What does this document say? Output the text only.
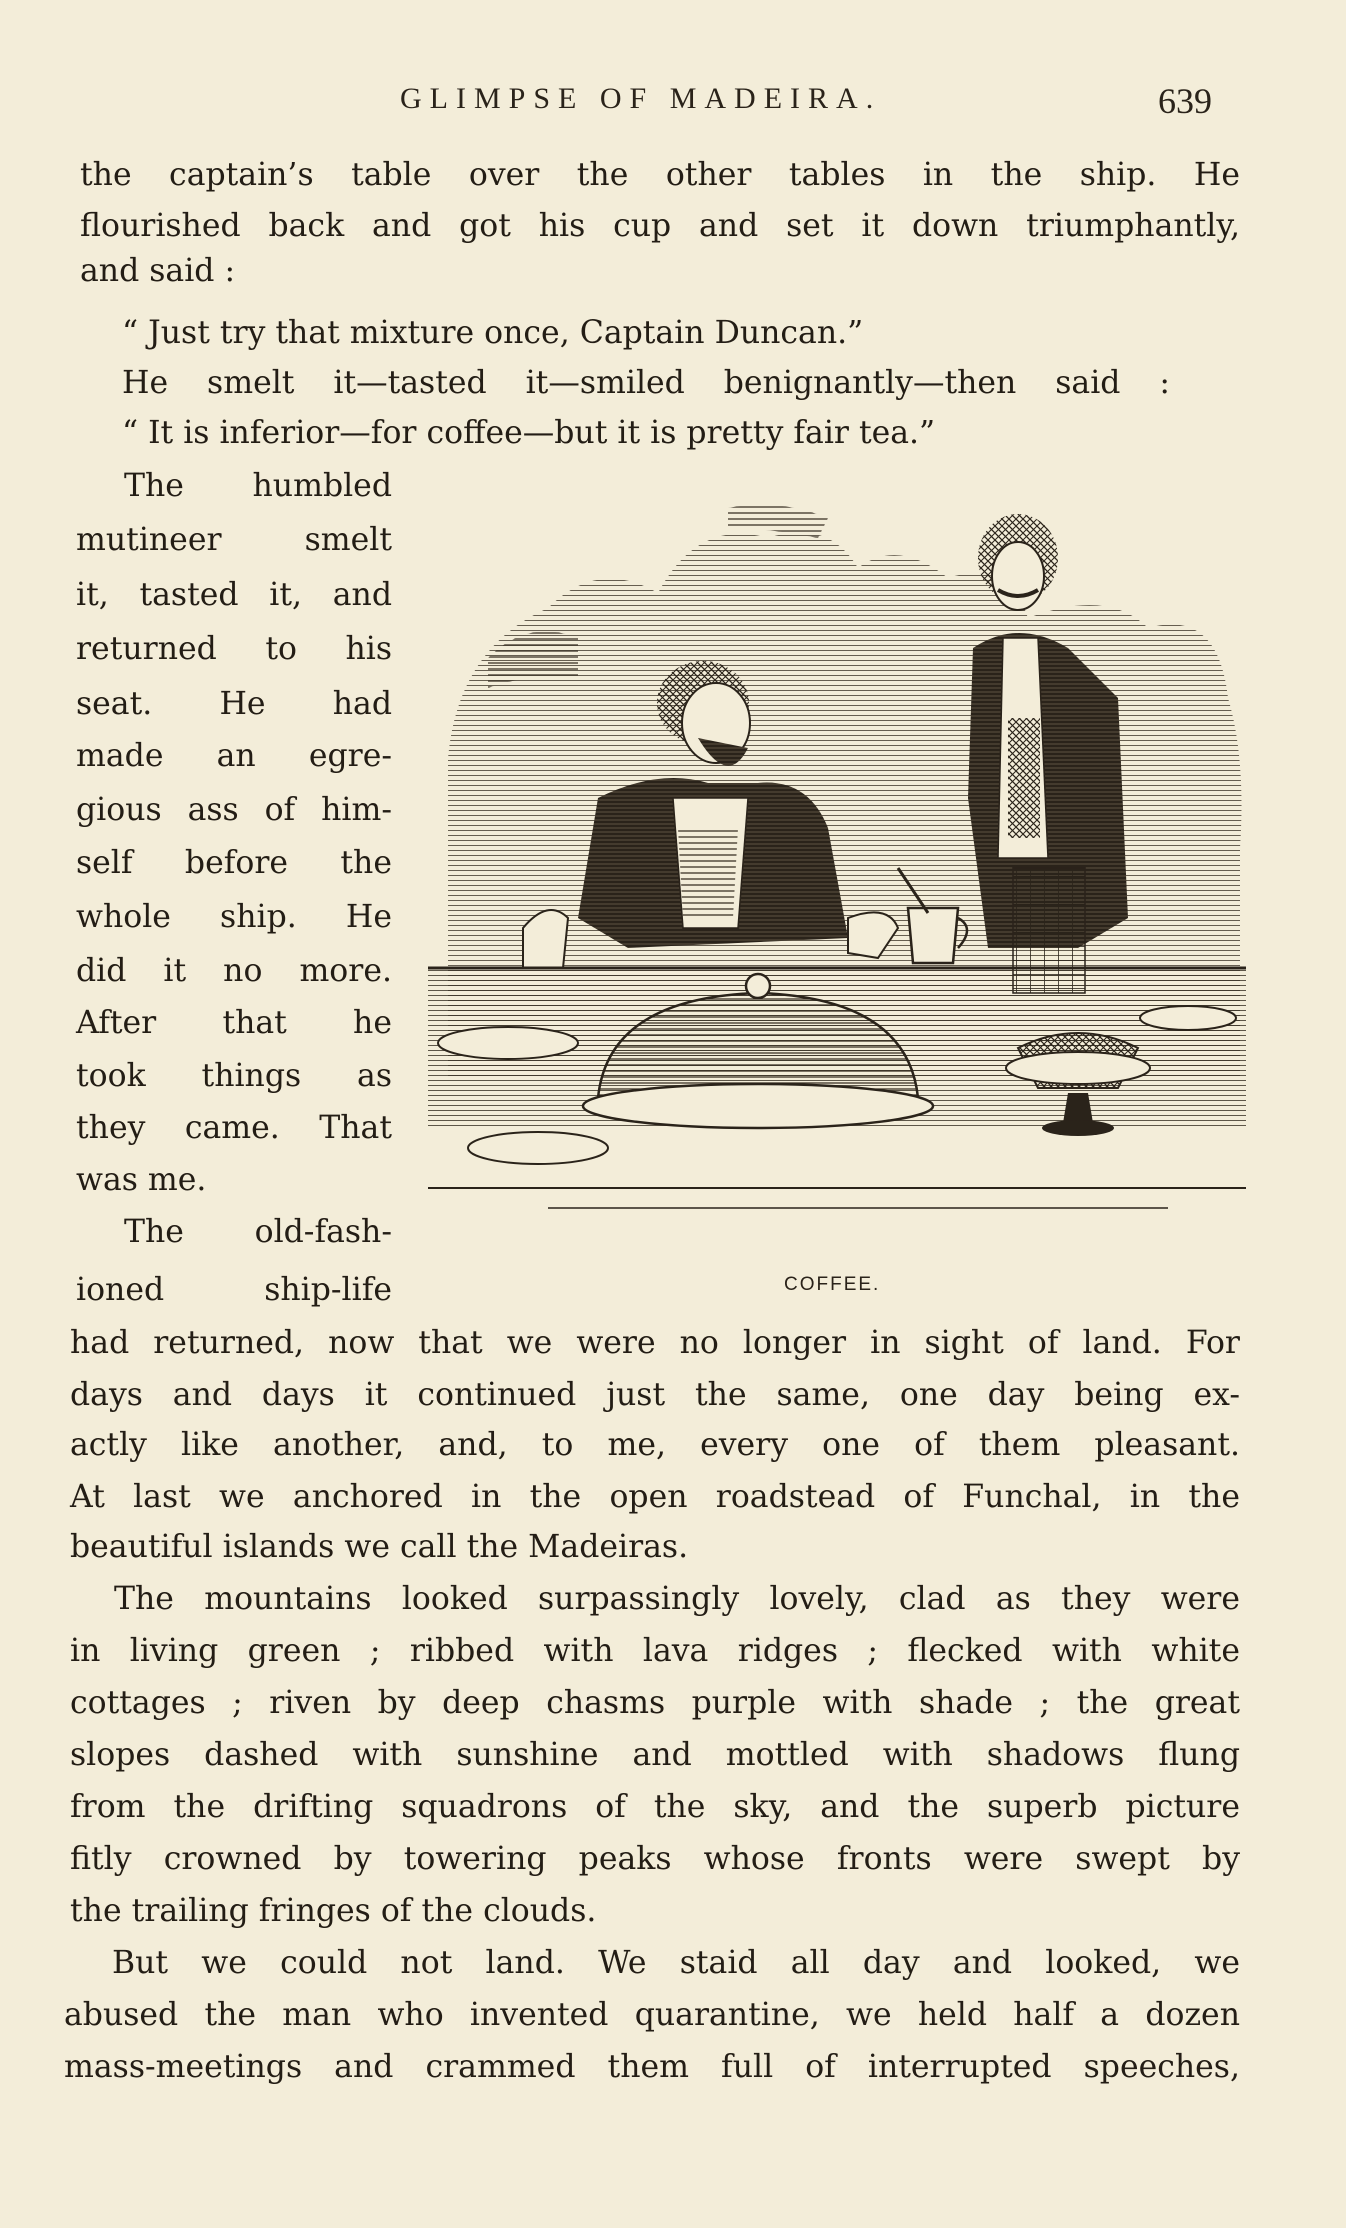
GLIMPSE OF MADEIRA.	639
the captain’s table over the other tables in the ship. He
flourished back and got his cup and set it down triumphantly,
and said :
“ Just try that mixture once, Captain Duncan.”
He smelt it—tasted it—smiled benignantly—then said :
“ It is inferior—for coffee—but it is pretty fair tea.”
The humbled
mutineer smelt
it, tasted it, and
returned to his
seat. He had
made an egre-
gious ass of him-
self before the
whole ship. He
did it no more.
After that he
took things as
they came. That
was me.
The old-fash-
ioned ship-life
had returned, now that we were no longer in sight of land. For
days and days it continued just the same, one day being ex-
actly like another, and, to me, every one of them pleasant.
At last we anchored in the open roadstead of Funchal, in the
beautiful islands we call the Madeiras.
The mountains looked surpassingly lovely, clad as they were
in living green ; ribbed with lava ridges ; flecked with white
cottages ; riven by deep chasms purple with shade ; the great
slopes dashed with sunshine and mottled with shadows flung
from the drifting squadrons of the sky, and the superb picture
fitly crowned by towering peaks whose fronts were swept by
the trailing fringes of the clouds.
But we could not land. We staid all day and looked, we
abused the man who invented quarantine, we held half a dozen
mass-meetings and crammed them full of interrupted speeches,
COFFEE.
